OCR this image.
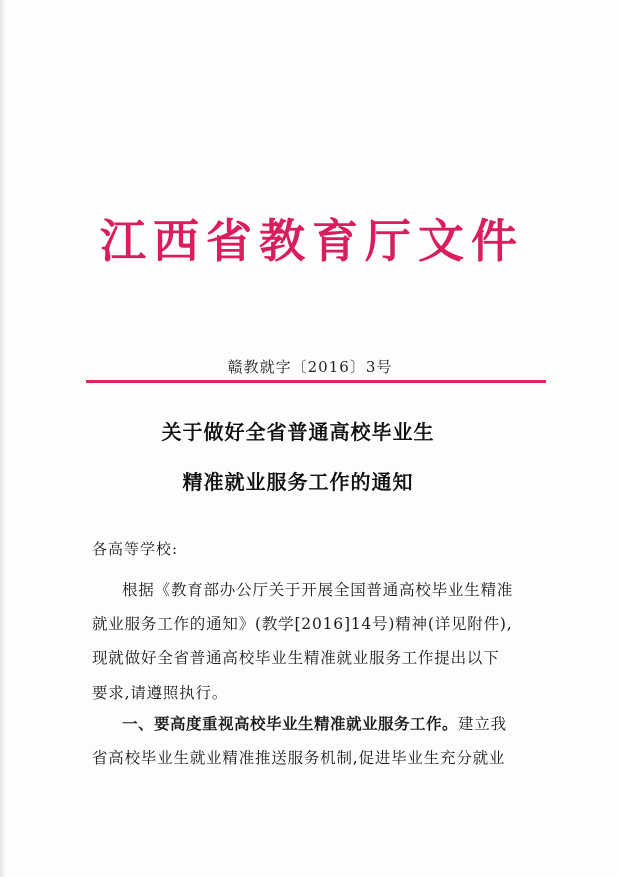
江西省教育厅文件
赣教就字〔2016〕3号
关于做好全省普通高校毕业生
精准就业服务工作的通知
各高等学校:
根据《教育部办公厅关于开展全国普通高校毕业生精准
就业服务工作的通知》(教学[2016]14号)精神(详见附件),
现就做好全省普通高校毕业生精准就业服务工作提出以下
要求,请遵照执行。
一、要高度重视高校毕业生精准就业服务工作。建立我
省高校毕业生就业精准推送服务机制,促进毕业生充分就业
